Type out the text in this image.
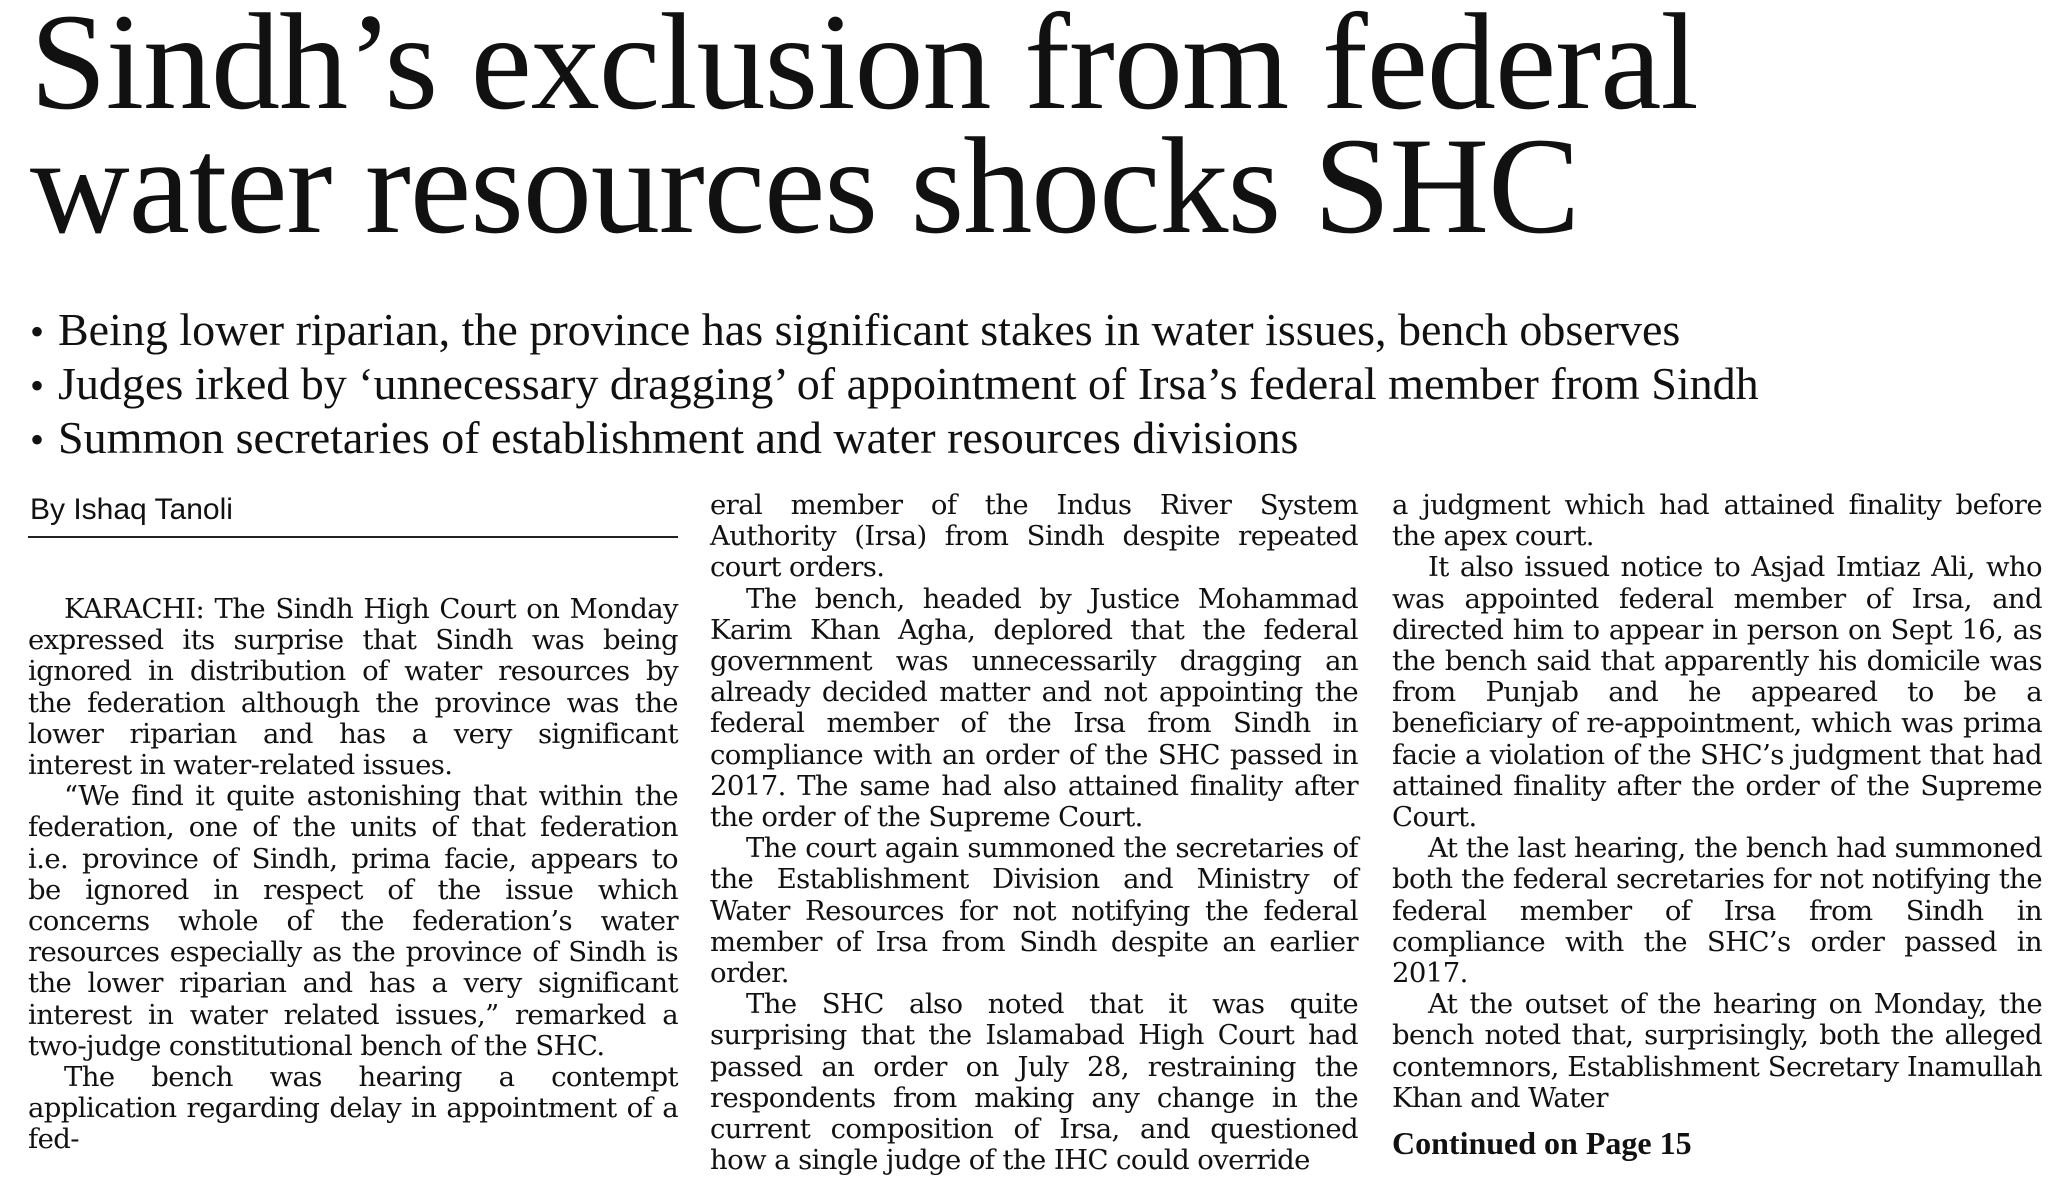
Sindh’s exclusion from federal
water resources shocks SHC
• Being lower riparian, the province has significant stakes in water issues, bench observes
• Judges irked by ‘unnecessary dragging’ of appointment of Irsa’s federal member from Sindh
• Summon secretaries of establishment and water resources divisions
By Ishaq Tanoli

KARACHI: The Sindh High Court on Monday expressed its surprise that Sindh was being ignored in distribution of water resources by the federation although the province was the lower riparian and has a very significant interest in water-related issues.

“We find it quite astonishing that within the federation, one of the units of that federation i.e. province of Sindh, prima facie, appears to be ignored in respect of the issue which concerns whole of the federation’s water resources especially as the province of Sindh is the lower riparian and has a very significant interest in water related issues,” remarked a two-judge constitutional bench of the SHC.

The bench was hearing a contempt application regarding delay in appointment of a fed-

eral member of the Indus River System Authority (Irsa) from Sindh despite repeated court orders.

The bench, headed by Justice Mohammad Karim Khan Agha, deplored that the federal government was unnecessarily dragging an already decided matter and not appointing the federal member of the Irsa from Sindh in compliance with an order of the SHC passed in 2017. The same had also attained finality after the order of the Supreme Court.

The court again summoned the secretaries of the Establishment Division and Ministry of Water Resources for not notifying the federal member of Irsa from Sindh despite an earlier order.

The SHC also noted that it was quite surprising that the Islamabad High Court had passed an order on July 28, restraining the respondents from making any change in the current composition of Irsa, and questioned how a single judge of the IHC could override

a judgment which had attained finality before the apex court.

It also issued notice to Asjad Imtiaz Ali, who was appointed federal member of Irsa, and directed him to appear in person on Sept 16, as the bench said that apparently his domicile was from Punjab and he appeared to be a beneficiary of re-appointment, which was prima facie a violation of the SHC’s judgment that had attained finality after the order of the Supreme Court.

At the last hearing, the bench had summoned both the federal secretaries for not notifying the federal member of Irsa from Sindh in compliance with the SHC’s order passed in 2017.

At the outset of the hearing on Monday, the bench noted that, surprisingly, both the alleged contemnors, Establishment Secretary Inamullah Khan and Water

Continued on Page 15
